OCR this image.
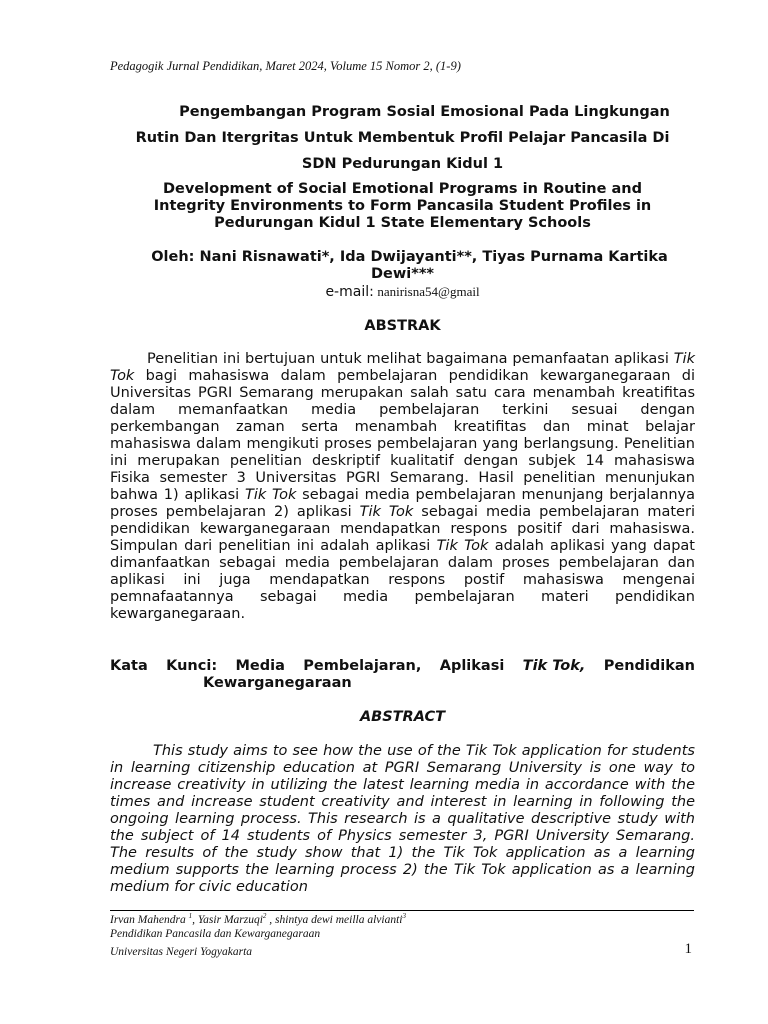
Pedagogik Jurnal Pendidikan, Maret 2024, Volume 15 Nomor 2, (1-9)
Pengembangan Program Sosial Emosional Pada Lingkungan
Rutin Dan Itergritas Untuk Membentuk Profil Pelajar Pancasila Di
SDN Pedurungan Kidul 1
Development of Social Emotional Programs in Routine and
Integrity Environments to Form Pancasila Student Profiles in
Pedurungan Kidul 1 State Elementary Schools
Oleh: Nani Risnawati*, Ida Dwijayanti**, Tiyas Purnama Kartika
Dewi***
e-mail: nanirisna54@gmail
ABSTRAK

Penelitian ini bertujuan untuk melihat bagaimana pemanfaatan aplikasi Tik Tok bagi mahasiswa dalam pembelajaran pendidikan kewarganegaraan di Universitas PGRI Semarang merupakan salah satu cara menambah kreatifitas dalam memanfaatkan media pembelajaran terkini sesuai dengan perkembangan zaman serta menambah kreatifitas dan minat belajar mahasiswa dalam mengikuti proses pembelajaran yang berlangsung. Penelitian ini merupakan penelitian deskriptif kualitatif dengan subjek 14 mahasiswa Fisika semester 3 Universitas PGRI Semarang. Hasil penelitian menunjukan bahwa 1) aplikasi Tik Tok sebagai media pembelajaran menunjang berjalannya proses pembelajaran 2) aplikasi Tik Tok sebagai media pembelajaran materi pendidikan kewarganegaraan mendapatkan respons positif dari mahasiswa. Simpulan dari penelitian ini adalah aplikasi Tik Tok adalah aplikasi yang dapat dimanfaatkan sebagai media pembelajaran dalam proses pembelajaran dan aplikasi ini juga mendapatkan respons postif mahasiswa mengenai pemnafaatannya sebagai media pembelajaran materi pendidikan kewarganegaraan.

Kata Kunci: Media Pembelajaran, Aplikasi Tik Tok, Pendidikan
Kewarganegaraan
ABSTRACT

This study aims to see how the use of the Tik Tok application for students in learning citizenship education at PGRI Semarang University is one way to increase creativity in utilizing the latest learning media in accordance with the times and increase student creativity and interest in learning in following the ongoing learning process. This research is a qualitative descriptive study with the subject of 14 students of Physics semester 3, PGRI University Semarang. The results of the study show that 1) the Tik Tok application as a learning medium supports the learning process 2) the Tik Tok application as a learning medium for civic education

Irvan Mahendra $^1$, Yasir Marzuqi$^2$ , shintya dewi meilla alvianti$^3$
Pendidikan Pancasila dan Kewarganegaraan
Universitas Negeri Yogyakarta	1
